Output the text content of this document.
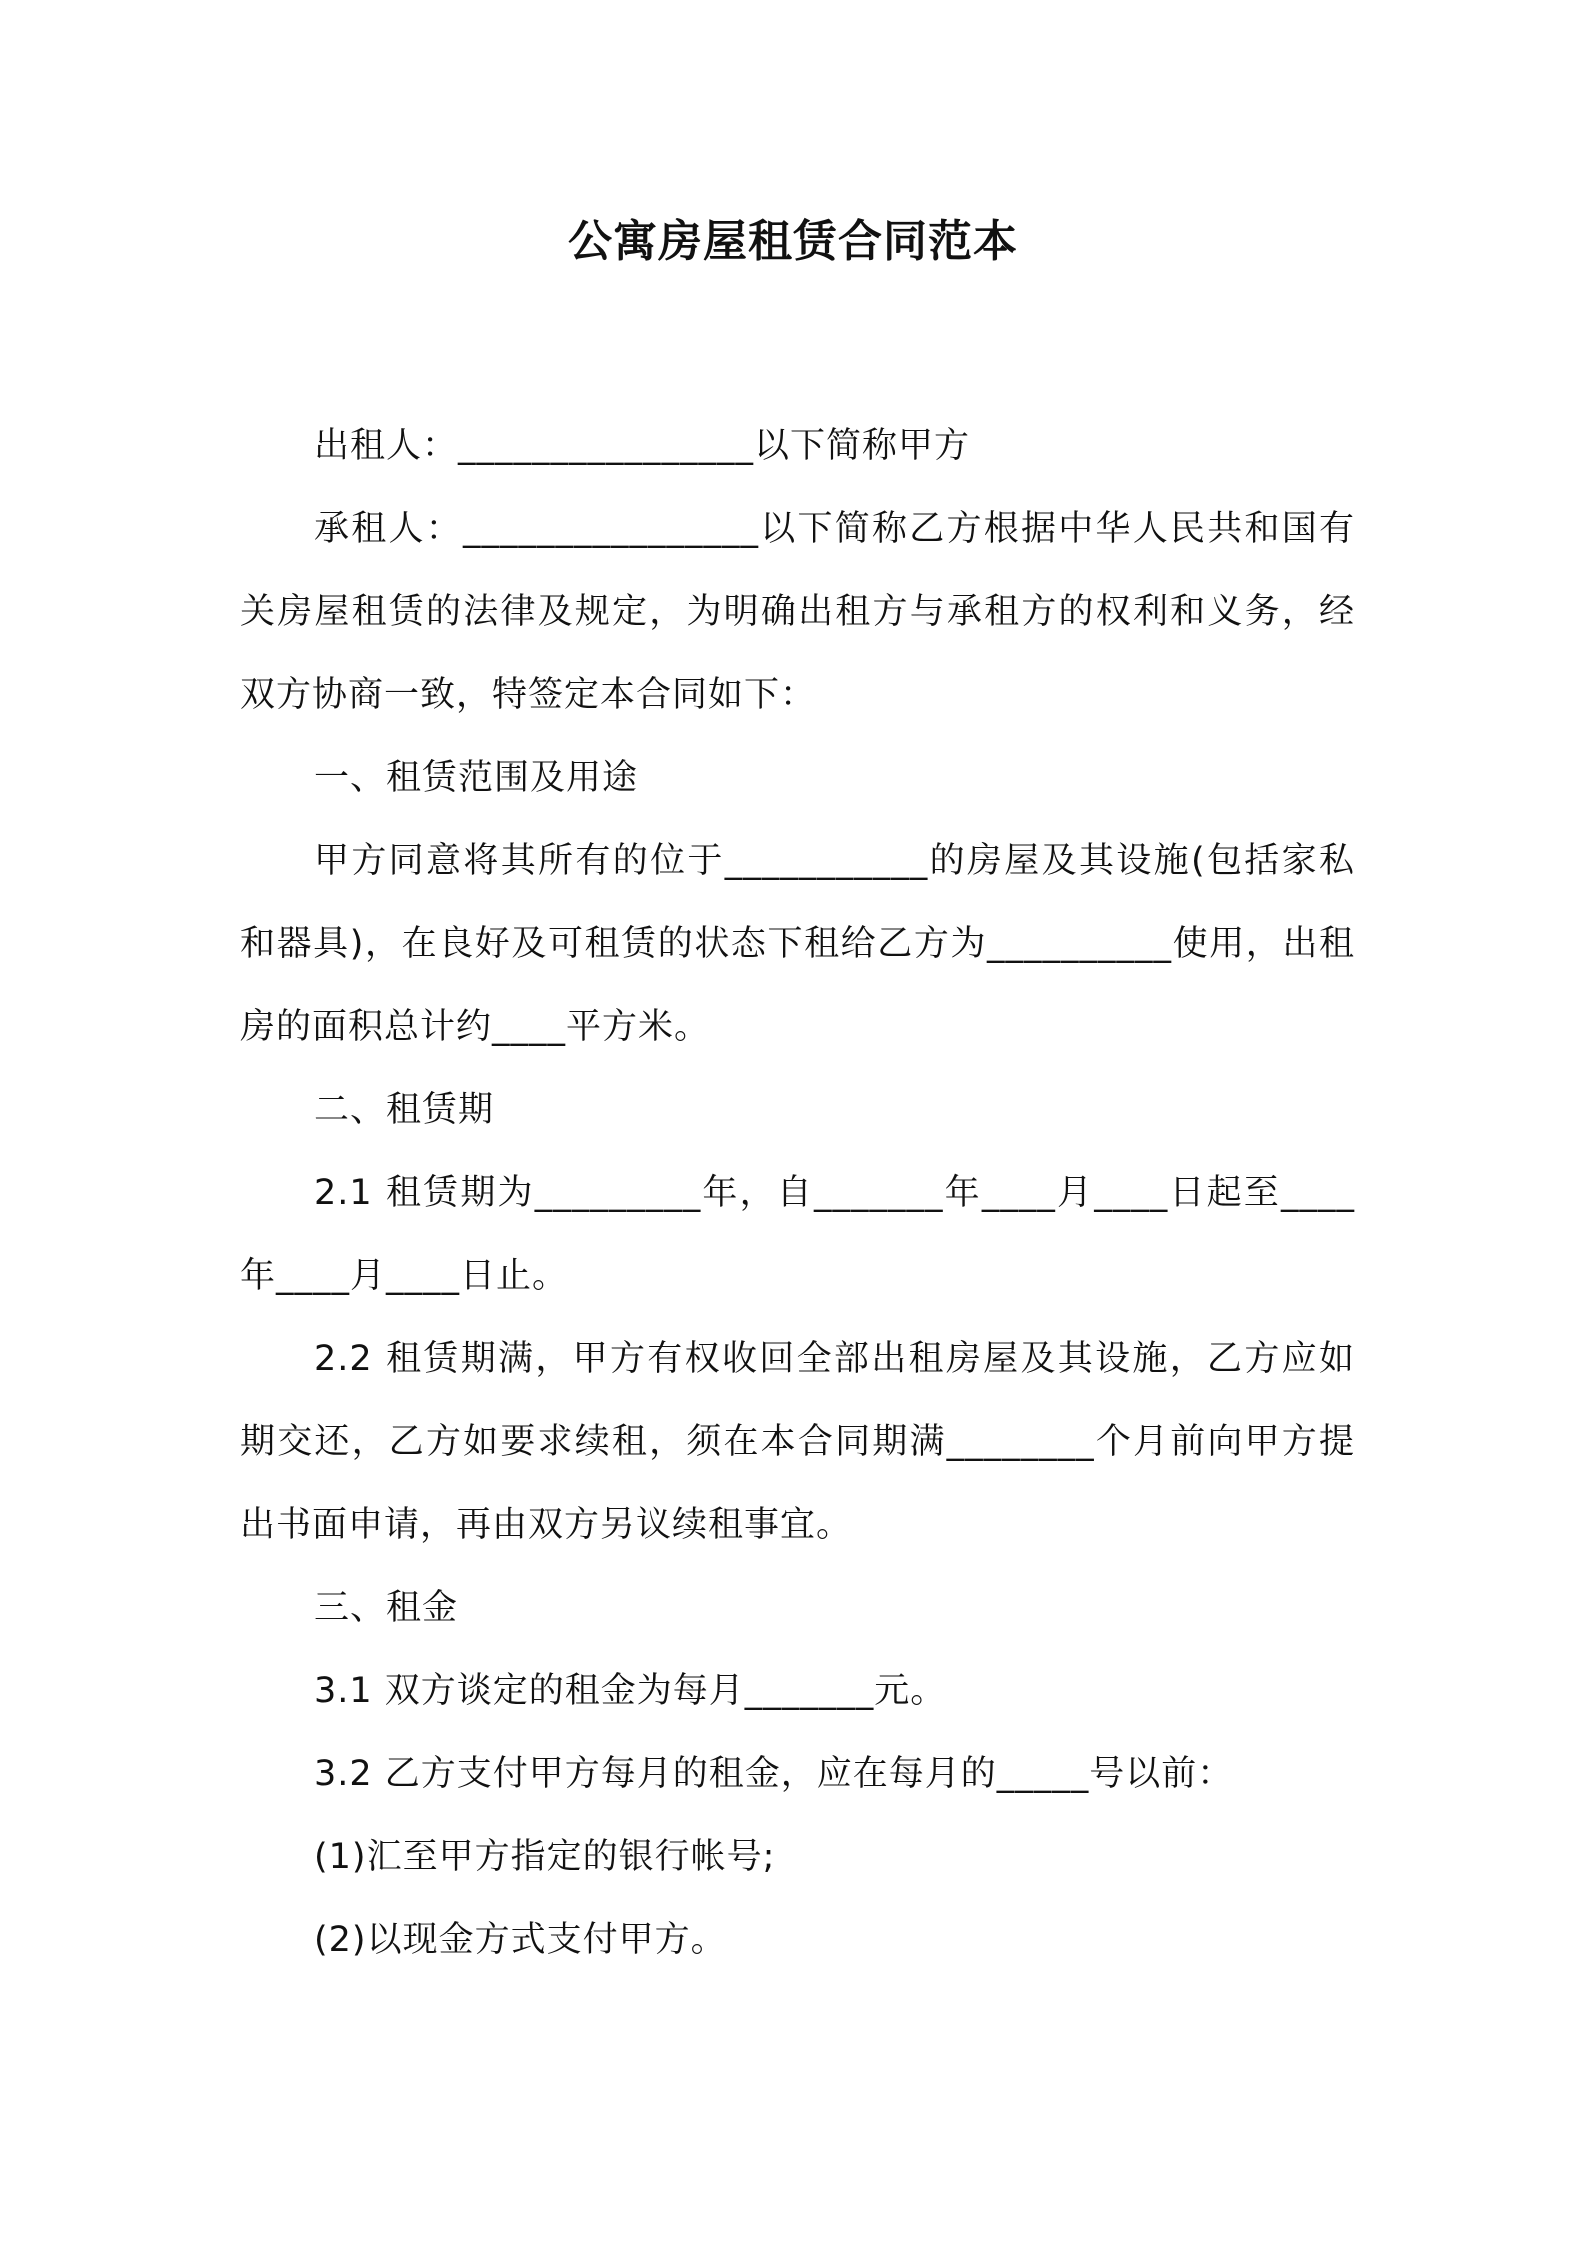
公寓房屋租赁合同范本

出租人：________________以下简称甲方

承租人：________________以下简称乙方根据中华人民共和国有关房屋租赁的法律及规定，为明确出租方与承租方的权利和义务，经双方协商一致，特签定本合同如下：

一、租赁范围及用途

甲方同意将其所有的位于___________的房屋及其设施(包括家私和器具)，在良好及可租赁的状态下租给乙方为__________使用，出租房的面积总计约____平方米。

二、租赁期

2.1 租赁期为_________年，自_______年____月____日起至____年____月____日止。

2.2 租赁期满，甲方有权收回全部出租房屋及其设施，乙方应如期交还，乙方如要求续租，须在本合同期满________个月前向甲方提出书面申请，再由双方另议续租事宜。

三、租金

3.1 双方谈定的租金为每月_______元。

3.2 乙方支付甲方每月的租金，应在每月的_____号以前：

(1)汇至甲方指定的银行帐号;

(2)以现金方式支付甲方。
